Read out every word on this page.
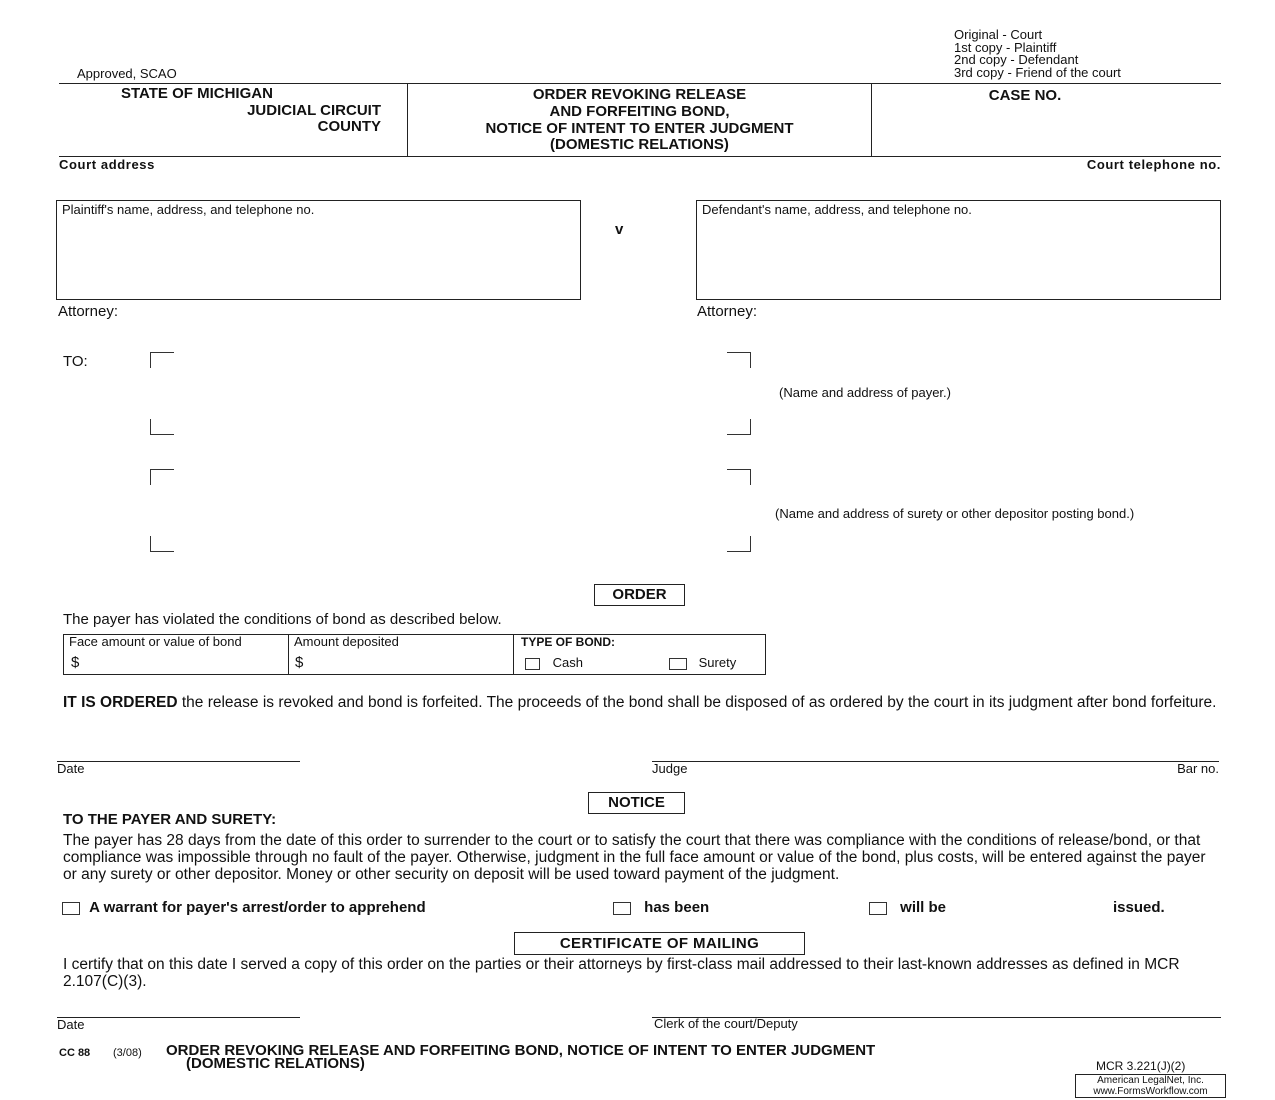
Approved, SCAO
Original - Court
1st copy - Plaintiff
2nd copy - Defendant
3rd copy - Friend of the court
STATE OF MICHIGAN
JUDICIAL CIRCUIT
COUNTY
ORDER REVOKING RELEASE
AND FORFEITING BOND,
NOTICE OF INTENT TO ENTER JUDGMENT
(DOMESTIC RELATIONS)
CASE NO.
Court address	Court telephone no.
Plaintiff's name, address, and telephone no.
v
Defendant's name, address, and telephone no.
Attorney:	Attorney:
TO:
(Name and address of payer.)
(Name and address of surety or other depositor posting bond.)
ORDER
The payer has violated the conditions of bond as described below.
Face amount or value of bond
$
Amount deposited
$
TYPE OF BOND:
Cash	Surety
IT IS ORDERED the release is revoked and bond is forfeited. The proceeds of the bond shall be disposed of as ordered by the court in its judgment after bond forfeiture.
Date	Judge	Bar no.
NOTICE
TO THE PAYER AND SURETY:
The payer has 28 days from the date of this order to surrender to the court or to satisfy the court that there was compliance with the conditions of release/bond, or that compliance was impossible through no fault of the payer. Otherwise, judgment in the full face amount or value of the bond, plus costs, will be entered against the payer or any surety or other depositor. Money or other security on deposit will be used toward payment of the judgment.
A warrant for payer's arrest/order to apprehend	has been	will be	issued.
CERTIFICATE OF MAILING
I certify that on this date I served a copy of this order on the parties or their attorneys by first-class mail addressed to their last-known addresses as defined in MCR 2.107(C)(3).
Date	Clerk of the court/Deputy
CC 88 (3/08) ORDER REVOKING RELEASE AND FORFEITING BOND, NOTICE OF INTENT TO ENTER JUDGMENT
(DOMESTIC RELATIONS)	MCR 3.221(J)(2)
American LegalNet, Inc.
www.FormsWorkflow.com
